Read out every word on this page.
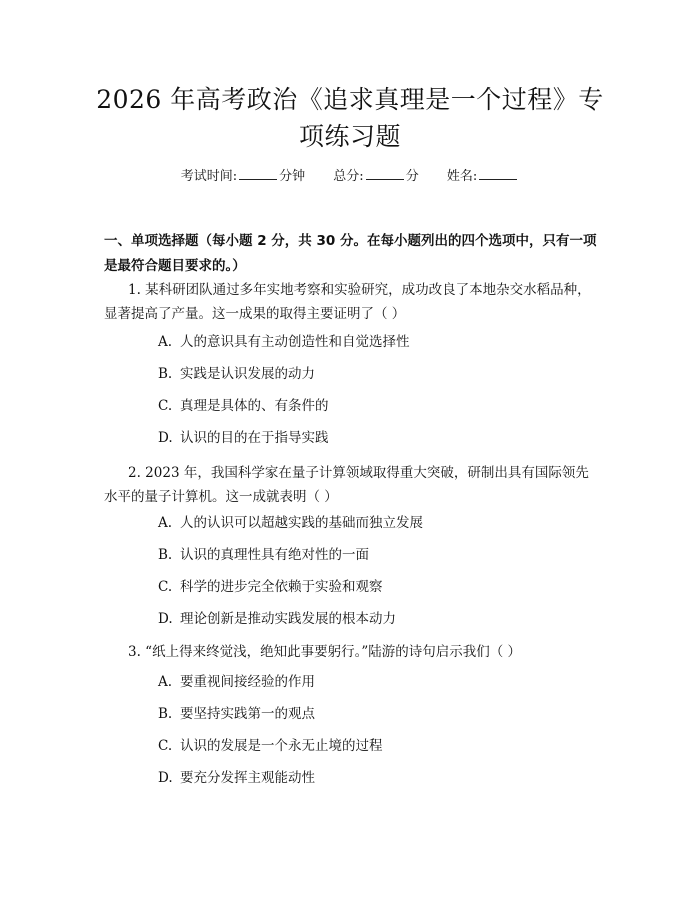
2026 年高考政治《追求真理是一个过程》专
项练习题
考试时间:	分钟 总分:	分 姓名:
一、单项选择题（每小题 2 分，共 30 分。在每小题列出的四个选项中，只有一项是最符合题目要求的。）
1. 某科研团队通过多年实地考察和实验研究，成功改良了本地杂交水稻品种，显著提高了产量。这一成果的取得主要证明了（ ）
A. 人的意识具有主动创造性和自觉选择性
B. 实践是认识发展的动力
C. 真理是具体的、有条件的
D. 认识的目的在于指导实践
2. 2023 年，我国科学家在量子计算领域取得重大突破，研制出具有国际领先水平的量子计算机。这一成就表明（ ）
A. 人的认识可以超越实践的基础而独立发展
B. 认识的真理性具有绝对性的一面
C. 科学的进步完全依赖于实验和观察
D. 理论创新是推动实践发展的根本动力
3. “纸上得来终觉浅，绝知此事要躬行。”陆游的诗句启示我们（ ）
A. 要重视间接经验的作用
B. 要坚持实践第一的观点
C. 认识的发展是一个永无止境的过程
D. 要充分发挥主观能动性
